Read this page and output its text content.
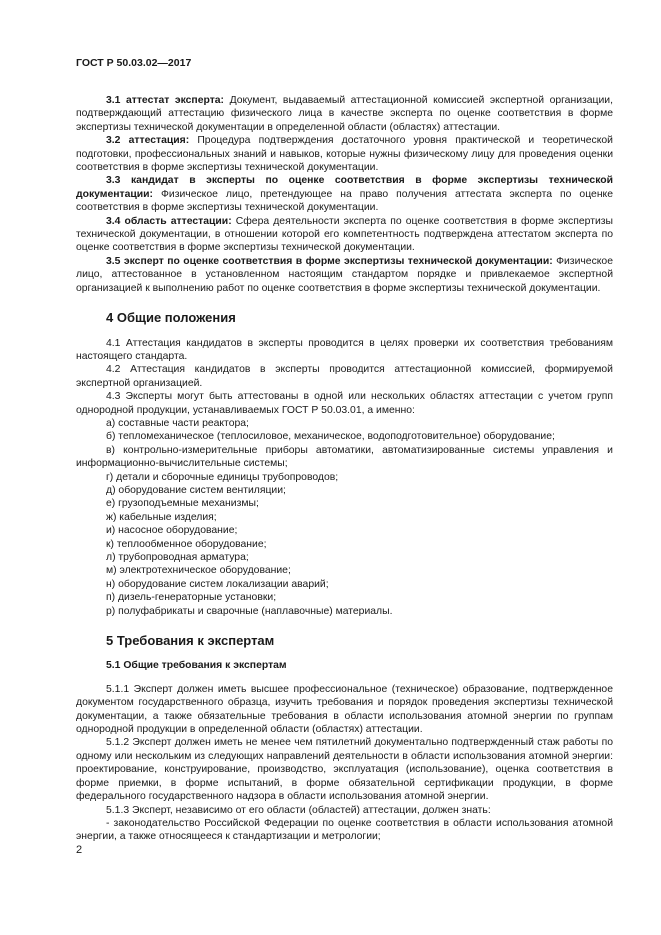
ГОСТ Р 50.03.02—2017

3.1 аттестат эксперта: Документ, выдаваемый аттестационной комиссией экспертной организации, подтверждающий аттестацию физического лица в качестве эксперта по оценке соответствия в форме экспертизы технической документации в определенной области (областях) аттестации.

3.2 аттестация: Процедура подтверждения достаточного уровня практической и теоретической подготовки, профессиональных знаний и навыков, которые нужны физическому лицу для проведения оценки соответствия в форме экспертизы технической документации.

3.3 кандидат в эксперты по оценке соответствия в форме экспертизы технической документации: Физическое лицо, претендующее на право получения аттестата эксперта по оценке соответствия в форме экспертизы технической документации.

3.4 область аттестации: Сфера деятельности эксперта по оценке соответствия в форме экспертизы технической документации, в отношении которой его компетентность подтверждена аттестатом эксперта по оценке соответствия в форме экспертизы технической документации.

3.5 эксперт по оценке соответствия в форме экспертизы технической документации: Физическое лицо, аттестованное в установленном настоящим стандартом порядке и привлекаемое экспертной организацией к выполнению работ по оценке соответствия в форме экспертизы технической документации.

4 Общие положения

4.1 Аттестация кандидатов в эксперты проводится в целях проверки их соответствия требованиям настоящего стандарта.

4.2 Аттестация кандидатов в эксперты проводится аттестационной комиссией, формируемой экспертной организацией.

4.3 Эксперты могут быть аттестованы в одной или нескольких областях аттестации с учетом групп однородной продукции, устанавливаемых ГОСТ Р 50.03.01, а именно:

а) составные части реактора;

б) тепломеханическое (теплосиловое, механическое, водоподготовительное) оборудование;

в) контрольно-измерительные приборы автоматики, автоматизированные системы управления и информационно-вычислительные системы;

г) детали и сборочные единицы трубопроводов;

д) оборудование систем вентиляции;

е) грузоподъемные механизмы;

ж) кабельные изделия;

и) насосное оборудование;

к) теплообменное оборудование;

л) трубопроводная арматура;

м) электротехническое оборудование;

н) оборудование систем локализации аварий;

п) дизель-генераторные установки;

р) полуфабрикаты и сварочные (наплавочные) материалы.

5 Требования к экспертам
5.1 Общие требования к экспертам

5.1.1 Эксперт должен иметь высшее профессиональное (техническое) образование, подтвержденное документом государственного образца, изучить требования и порядок проведения экспертизы технической документации, а также обязательные требования в области использования атомной энергии по группам однородной продукции в определенной области (областях) аттестации.

5.1.2 Эксперт должен иметь не менее чем пятилетний документально подтвержденный стаж работы по одному или нескольким из следующих направлений деятельности в области использования атомной энергии: проектирование, конструирование, производство, эксплуатация (использование), оценка соответствия в форме приемки, в форме испытаний, в форме обязательной сертификации продукции, в форме федерального государственного надзора в области использования атомной энергии.

5.1.3 Эксперт, независимо от его области (областей) аттестации, должен знать:

- законодательство Российской Федерации по оценке соответствия в области использования атомной энергии, а также относящееся к стандартизации и метрологии;

2
